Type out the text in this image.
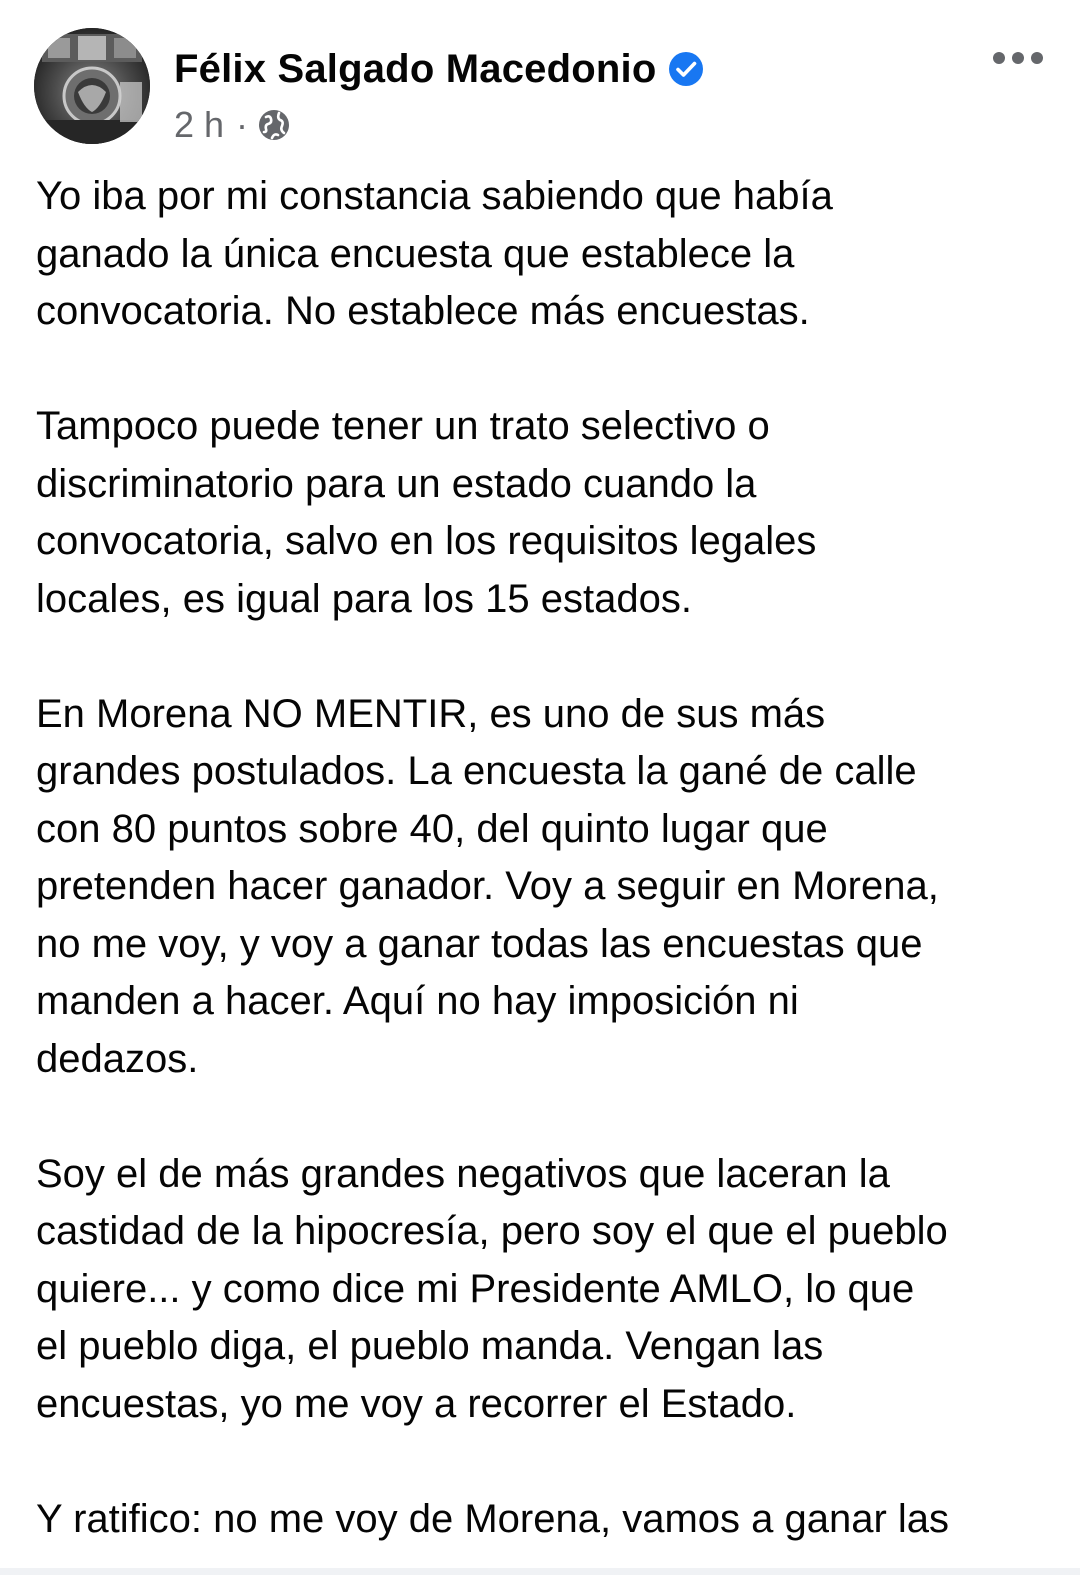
Félix Salgado Macedonio
2 h ·
Yo iba por mi constancia sabiendo que había
ganado la única encuesta que establece la
convocatoria. No establece más encuestas.
Tampoco puede tener un trato selectivo o
discriminatorio para un estado cuando la
convocatoria, salvo en los requisitos legales
locales, es igual para los 15 estados.
En Morena NO MENTIR, es uno de sus más
grandes postulados. La encuesta la gané de calle
con 80 puntos sobre 40, del quinto lugar que
pretenden hacer ganador. Voy a seguir en Morena,
no me voy, y voy a ganar todas las encuestas que
manden a hacer. Aquí no hay imposición ni
dedazos.
Soy el de más grandes negativos que laceran la
castidad de la hipocresía, pero soy el que el pueblo
quiere... y como dice mi Presidente AMLO, lo que
el pueblo diga, el pueblo manda. Vengan las
encuestas, yo me voy a recorrer el Estado.
Y ratifico: no me voy de Morena, vamos a ganar las
